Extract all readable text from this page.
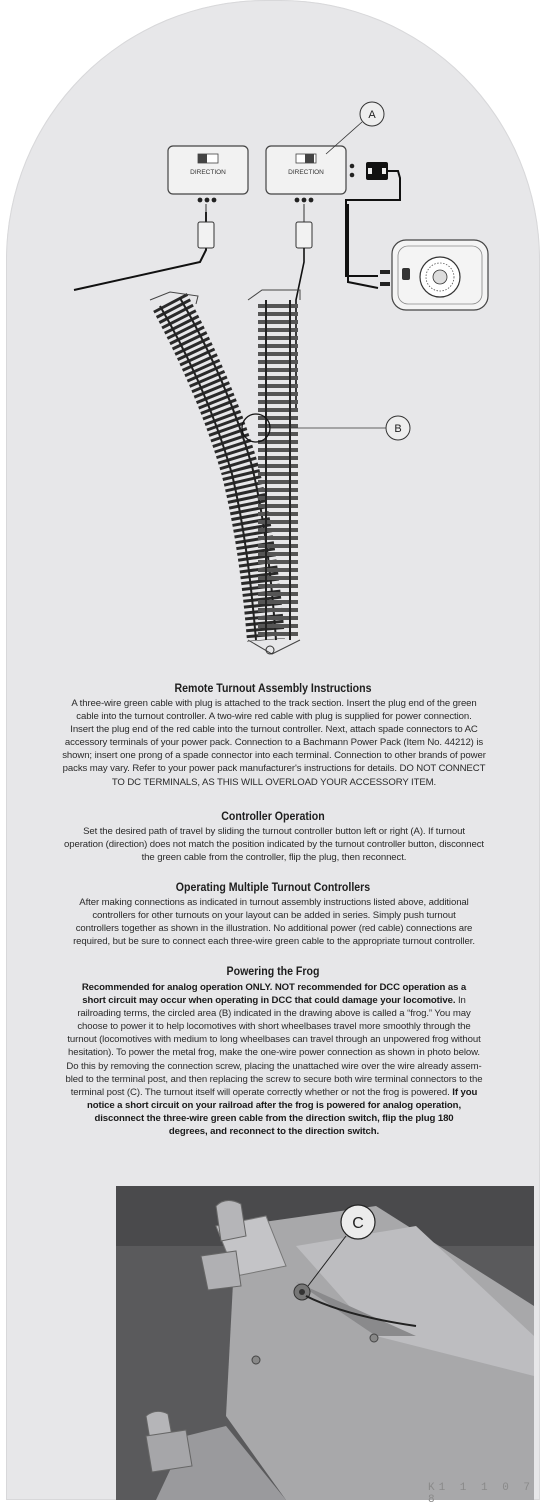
DIRECTION	DIRECTION
A
B
Remote Turnout Assembly Instructions
A three-wire green cable with plug is attached to the track section. Insert the plug end of the green
cable into the turnout controller. A two-wire red cable with plug is supplied for power connection.
Insert the plug end of the red cable into the turnout controller. Next, attach spade connectors to AC
accessory terminals of your power pack. Connection to a Bachmann Power Pack (Item No. 44212) is
shown; insert one prong of a spade connector into each terminal. Connection to other brands of power
packs may vary. Refer to your power pack manufacturer's instructions for details. DO NOT CONNECT
TO DC TERMINALS, AS THIS WILL OVERLOAD YOUR ACCESSORY ITEM.
Controller Operation
Set the desired path of travel by sliding the turnout controller button left or right (A). If turnout
operation (direction) does not match the position indicated by the turnout controller button, disconnect
the green cable from the controller, flip the plug, then reconnect.
Operating Multiple Turnout Controllers
After making connections as indicated in turnout assembly instructions listed above, additional
controllers for other turnouts on your layout can be added in series. Simply push turnout
controllers together as shown in the illustration. No additional power (red cable) connections are
required, but be sure to connect each three-wire green cable to the appropriate turnout controller.
Powering the Frog
Recommended for analog operation ONLY. NOT recommended for DCC operation as a
short circuit may occur when operating in DCC that could damage your locomotive. In
railroading terms, the circled area (B) indicated in the drawing above is called a “frog.” You may
choose to power it to help locomotives with short wheelbases travel more smoothly through the
turnout (locomotives with medium to long wheelbases can travel through an unpowered frog without
hesitation). To power the metal frog, make the one-wire power connection as shown in photo below.
Do this by removing the connection screw, placing the unattached wire over the wire already assem-
bled to the terminal post, and then replacing the screw to secure both wire terminal connectors to the
terminal post (C). The turnout itself will operate correctly whether or not the frog is powered. If you
notice a short circuit on your railroad after the frog is powered for analog operation,
disconnect the three-wire green cable from the direction switch, flip the plug 180
degrees, and reconnect to the direction switch.
C
K1 1 1 0 7 8
